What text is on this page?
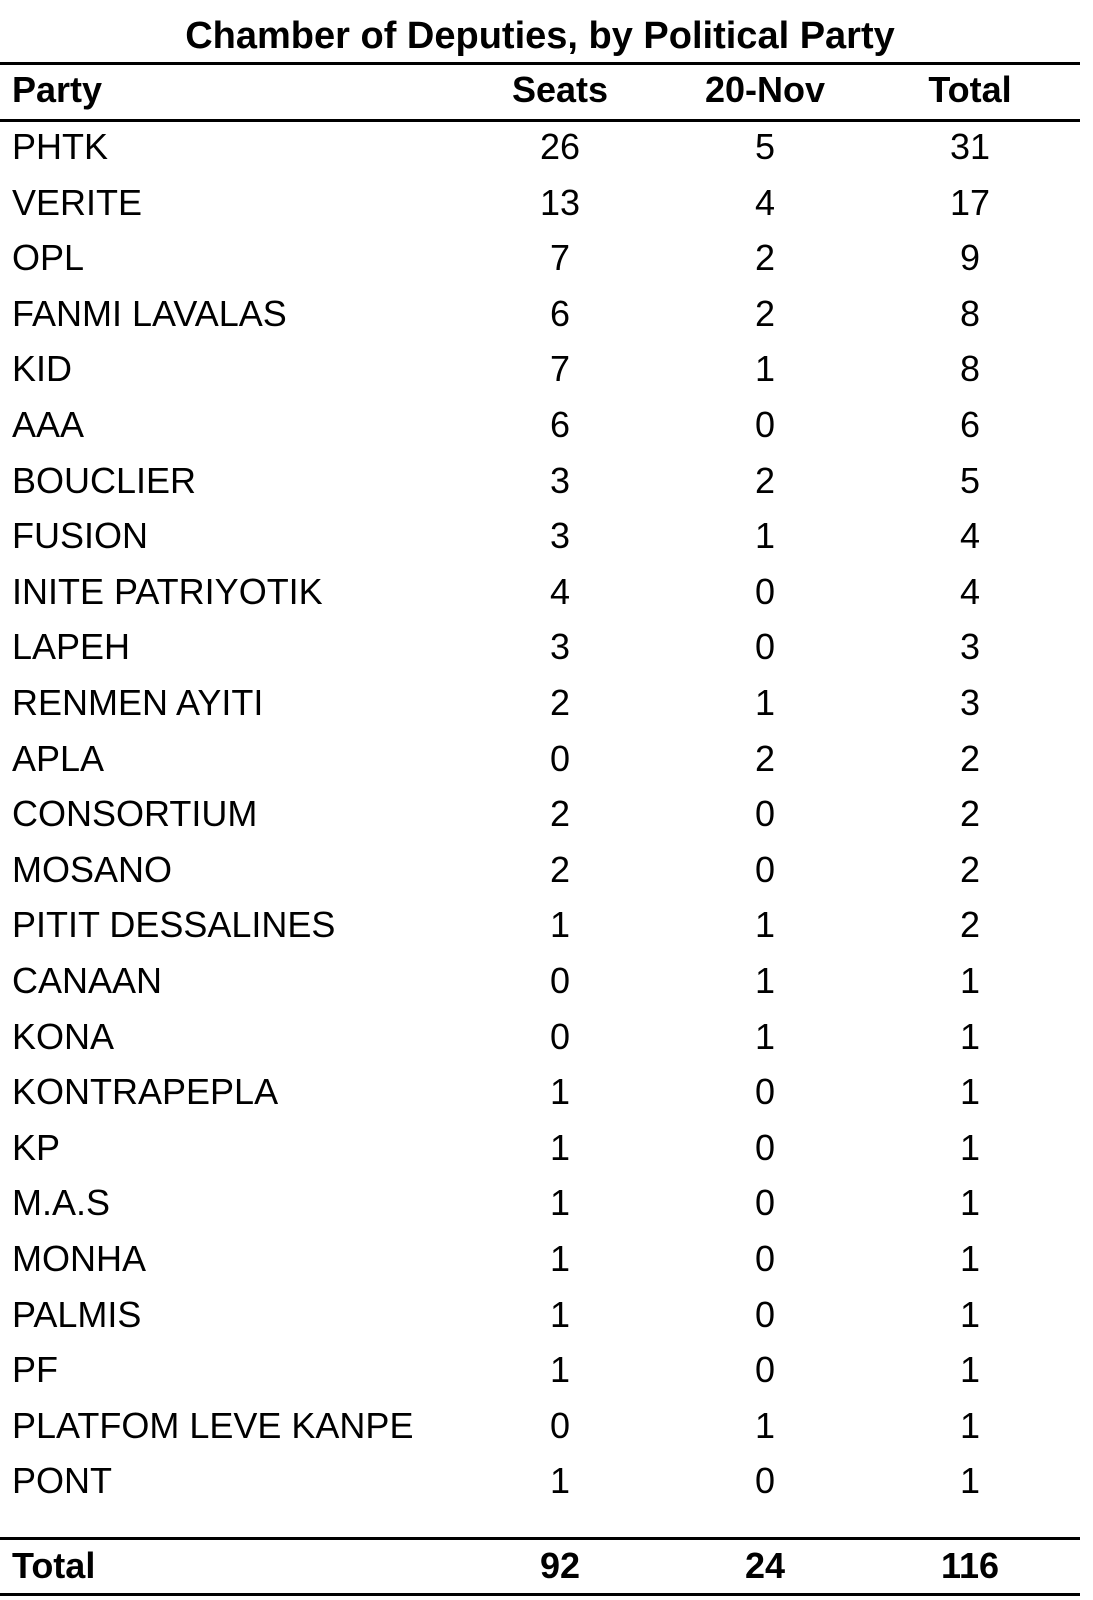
Chamber of Deputies, by Political Party
Party	Seats	20-Nov	Total
PHTK	26	5	31
VERITE	13	4	17
OPL	7	2	9
FANMI LAVALAS	6	2	8
KID	7	1	8
AAA	6	0	6
BOUCLIER	3	2	5
FUSION	3	1	4
INITE PATRIYOTIK	4	0	4
LAPEH	3	0	3
RENMEN AYITI	2	1	3
APLA	0	2	2
CONSORTIUM	2	0	2
MOSANO	2	0	2
PITIT DESSALINES	1	1	2
CANAAN	0	1	1
KONA	0	1	1
KONTRAPEPLA	1	0	1
KP	1	0	1
M.A.S	1	0	1
MONHA	1	0	1
PALMIS	1	0	1
PF	1	0	1
PLATFOM LEVE KANPE	0	1	1
PONT	1	0	1
Total	92	24	116
